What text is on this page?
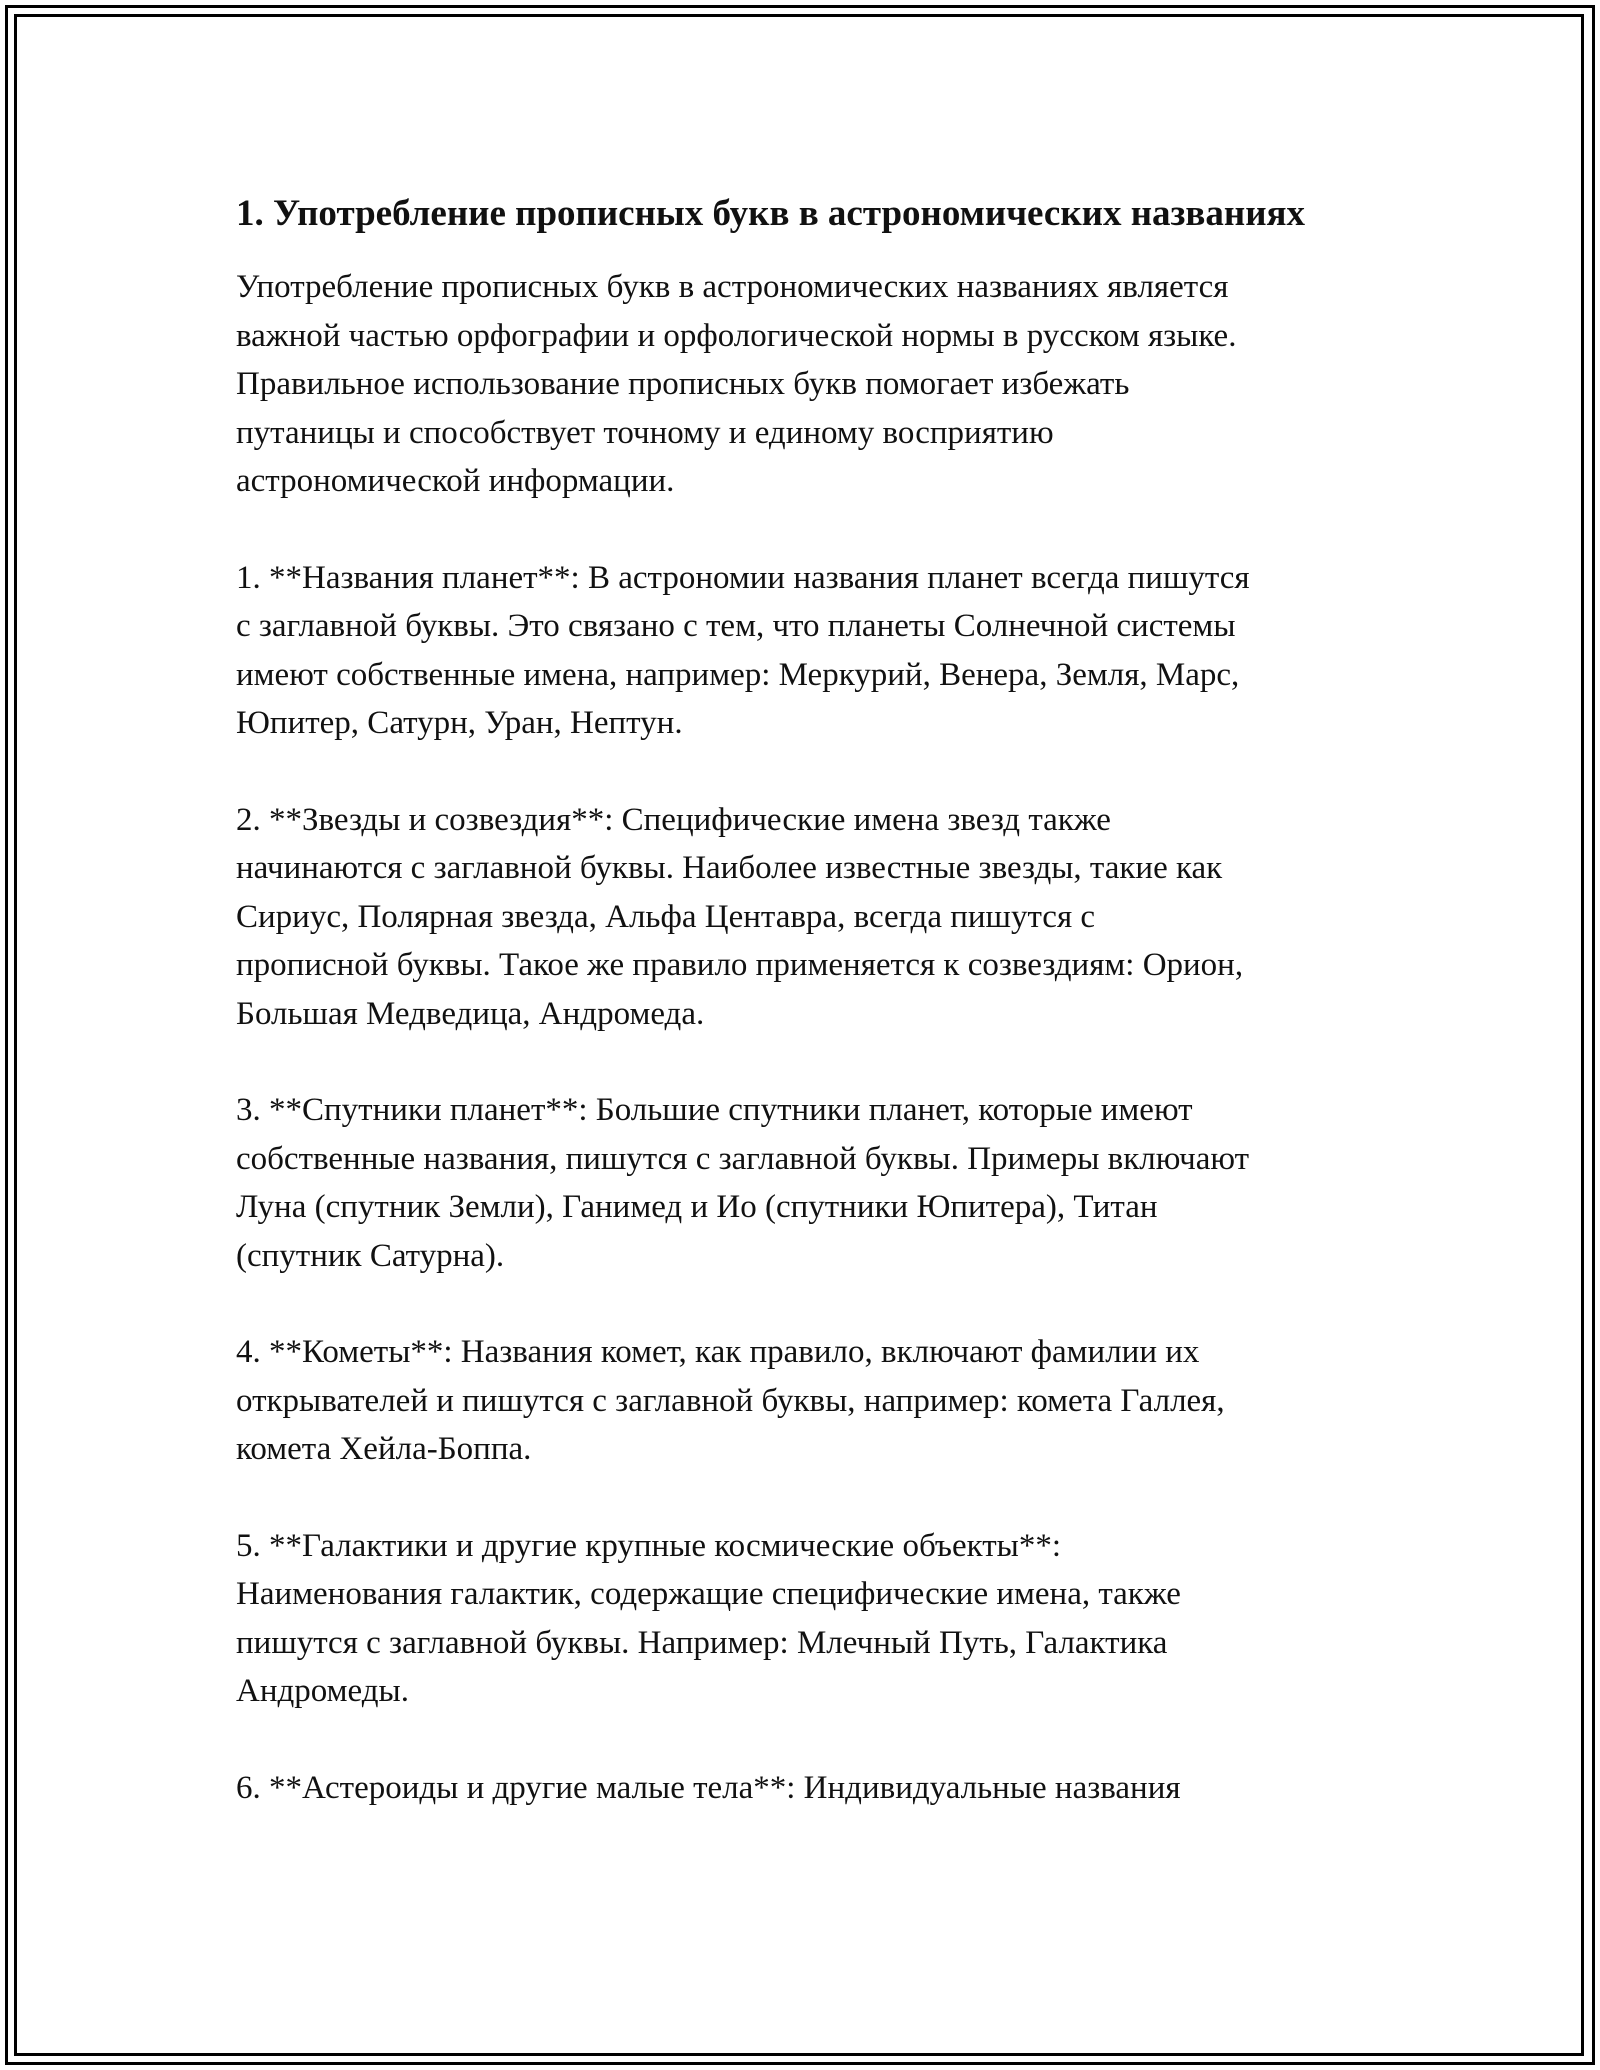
1. Употребление прописных букв в астрономических названиях

Употребление прописных букв в астрономических названиях является
важной частью орфографии и орфологической нормы в русском языке.
Правильное использование прописных букв помогает избежать
путаницы и способствует точному и единому восприятию
астрономической информации.

1. **Названия планет**: В астрономии названия планет всегда пишутся
с заглавной буквы. Это связано с тем, что планеты Солнечной системы
имеют собственные имена, например: Меркурий, Венера, Земля, Марс,
Юпитер, Сатурн, Уран, Нептун.

2. **Звезды и созвездия**: Специфические имена звезд также
начинаются с заглавной буквы. Наиболее известные звезды, такие как
Сириус, Полярная звезда, Альфа Центавра, всегда пишутся с
прописной буквы. Такое же правило применяется к созвездиям: Орион,
Большая Медведица, Андромеда.

3. **Спутники планет**: Большие спутники планет, которые имеют
собственные названия, пишутся с заглавной буквы. Примеры включают
Луна (спутник Земли), Ганимед и Ио (спутники Юпитера), Титан
(спутник Сатурна).

4. **Кометы**: Названия комет, как правило, включают фамилии их
открывателей и пишутся с заглавной буквы, например: комета Галлея,
комета Хейла-Боппа.

5. **Галактики и другие крупные космические объекты**:
Наименования галактик, содержащие специфические имена, также
пишутся с заглавной буквы. Например: Млечный Путь, Галактика
Андромеды.

6. **Астероиды и другие малые тела**: Индивидуальные названия
